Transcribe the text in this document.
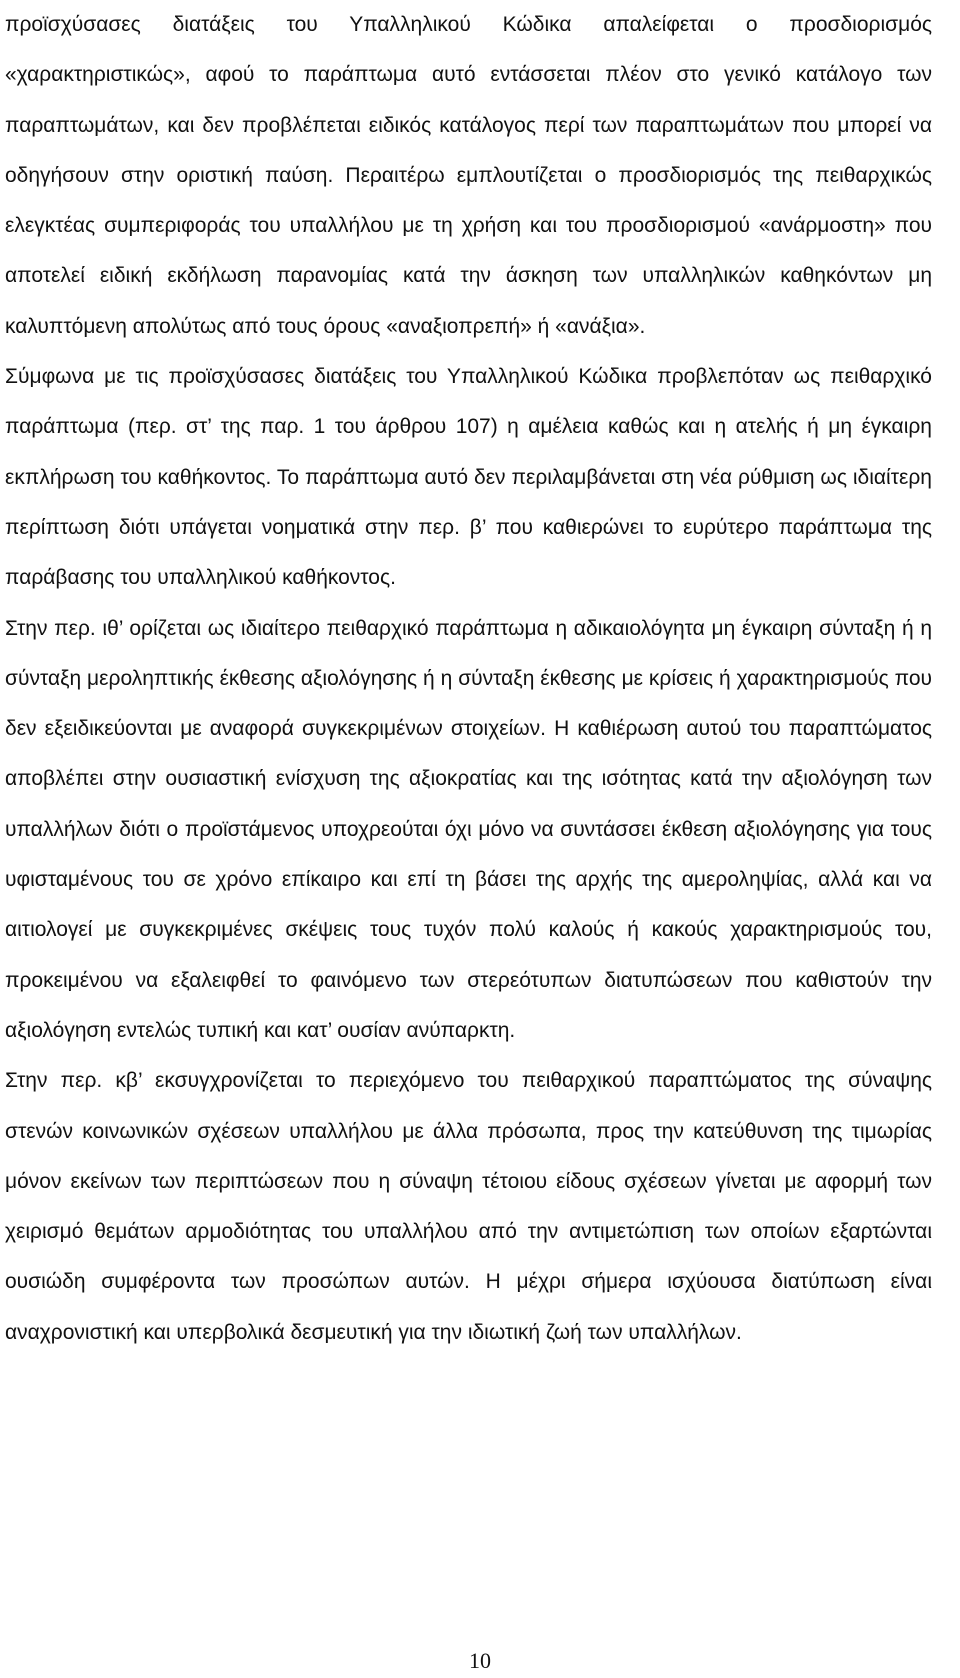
προϊσχύσασες διατάξεις του Υπαλληλικού Κώδικα απαλείφεται ο προσδιορισμός «χαρακτηριστικώς», αφού το παράπτωμα αυτό εντάσσεται πλέον στο γενικό κατάλογο των παραπτωμάτων, και δεν προβλέπεται ειδικός κατάλογος περί των παραπτωμάτων που μπορεί να οδηγήσουν στην οριστική παύση. Περαιτέρω εμπλουτίζεται ο προσδιορισμός της πειθαρχικώς ελεγκτέας συμπεριφοράς του υπαλλήλου με τη χρήση και του προσδιορισμού «ανάρμοστη» που αποτελεί ειδική εκδήλωση παρανομίας κατά την άσκηση των υπαλληλικών καθηκόντων μη καλυπτόμενη απολύτως από τους όρους «αναξιοπρεπή» ή «ανάξια».

Σύμφωνα με τις προϊσχύσασες διατάξεις του Υπαλληλικού Κώδικα προβλεπόταν ως πειθαρχικό παράπτωμα (περ. στ’ της παρ. 1 του άρθρου 107) η αμέλεια καθώς και η ατελής ή μη έγκαιρη εκπλήρωση του καθήκοντος. Το παράπτωμα αυτό δεν περιλαμβάνεται στη νέα ρύθμιση ως ιδιαίτερη περίπτωση διότι υπάγεται νοηματικά στην περ. β’ που καθιερώνει το ευρύτερο παράπτωμα της παράβασης του υπαλληλικού καθήκοντος.

Στην περ. ιθ’ ορίζεται ως ιδιαίτερο πειθαρχικό παράπτωμα η αδικαιολόγητα μη έγκαιρη σύνταξη ή η σύνταξη μεροληπτικής έκθεσης αξιολόγησης ή η σύνταξη έκθεσης με κρίσεις ή χαρακτηρισμούς που δεν εξειδικεύονται με αναφορά συγκεκριμένων στοιχείων. Η καθιέρωση αυτού του παραπτώματος αποβλέπει στην ουσιαστική ενίσχυση της αξιοκρατίας και της ισότητας κατά την αξιολόγηση των υπαλλήλων διότι ο προϊστάμενος υποχρεούται όχι μόνο να συντάσσει έκθεση αξιολόγησης για τους υφισταμένους του σε χρόνο επίκαιρο και επί τη βάσει της αρχής της αμεροληψίας, αλλά και να αιτιολογεί με συγκεκριμένες σκέψεις τους τυχόν πολύ καλούς ή κακούς χαρακτηρισμούς του, προκειμένου να εξαλειφθεί το φαινόμενο των στερεότυπων διατυπώσεων που καθιστούν την αξιολόγηση εντελώς τυπική και κατ’ ουσίαν ανύπαρκτη.

Στην περ. κβ’ εκσυγχρονίζεται το περιεχόμενο του πειθαρχικού παραπτώματος της σύναψης στενών κοινωνικών σχέσεων υπαλλήλου με άλλα πρόσωπα, προς την κατεύθυνση της τιμωρίας μόνον εκείνων των περιπτώσεων που η σύναψη τέτοιου είδους σχέσεων γίνεται με αφορμή των χειρισμό θεμάτων αρμοδιότητας του υπαλλήλου από την αντιμετώπιση των οποίων εξαρτώνται ουσιώδη συμφέροντα των προσώπων αυτών. Η μέχρι σήμερα ισχύουσα διατύπωση είναι αναχρονιστική και υπερβολικά δεσμευτική για την ιδιωτική ζωή των υπαλλήλων.

10
